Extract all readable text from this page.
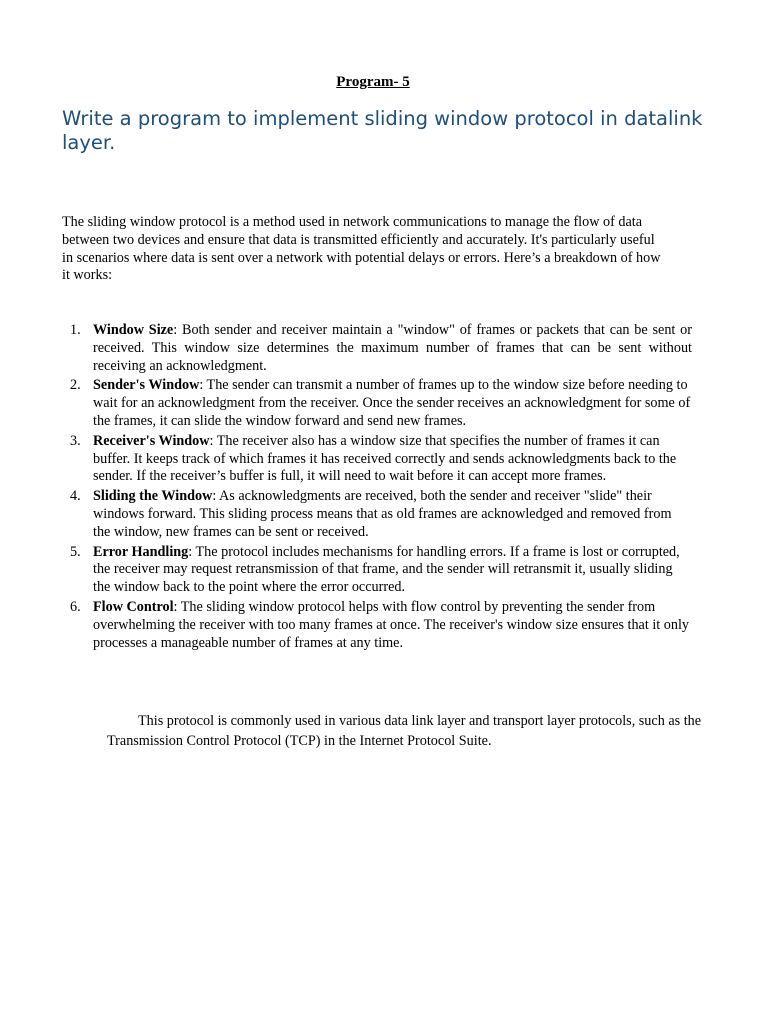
Program- 5
Write a program to implement sliding window protocol in datalink layer.

The sliding window protocol is a method used in network communications to manage the flow of data between two devices and ensure that data is transmitted efficiently and accurately. It's particularly useful in scenarios where data is sent over a network with potential delays or errors. Here’s a breakdown of how it works:

1. Window Size: Both sender and receiver maintain a "window" of frames or packets that can be sent or received. This window size determines the maximum number of frames that can be sent without receiving an acknowledgment.
2. Sender's Window: The sender can transmit a number of frames up to the window size before needing to wait for an acknowledgment from the receiver. Once the sender receives an acknowledgment for some of the frames, it can slide the window forward and send new frames.
3. Receiver's Window: The receiver also has a window size that specifies the number of frames it can buffer. It keeps track of which frames it has received correctly and sends acknowledgments back to the sender. If the receiver’s buffer is full, it will need to wait before it can accept more frames.
4. Sliding the Window: As acknowledgments are received, both the sender and receiver "slide" their windows forward. This sliding process means that as old frames are acknowledged and removed from the window, new frames can be sent or received.
5. Error Handling: The protocol includes mechanisms for handling errors. If a frame is lost or corrupted, the receiver may request retransmission of that frame, and the sender will retransmit it, usually sliding the window back to the point where the error occurred.
6. Flow Control: The sliding window protocol helps with flow control by preventing the sender from overwhelming the receiver with too many frames at once. The receiver's window size ensures that it only processes a manageable number of frames at any time.

This protocol is commonly used in various data link layer and transport layer protocols, such as the Transmission Control Protocol (TCP) in the Internet Protocol Suite.
